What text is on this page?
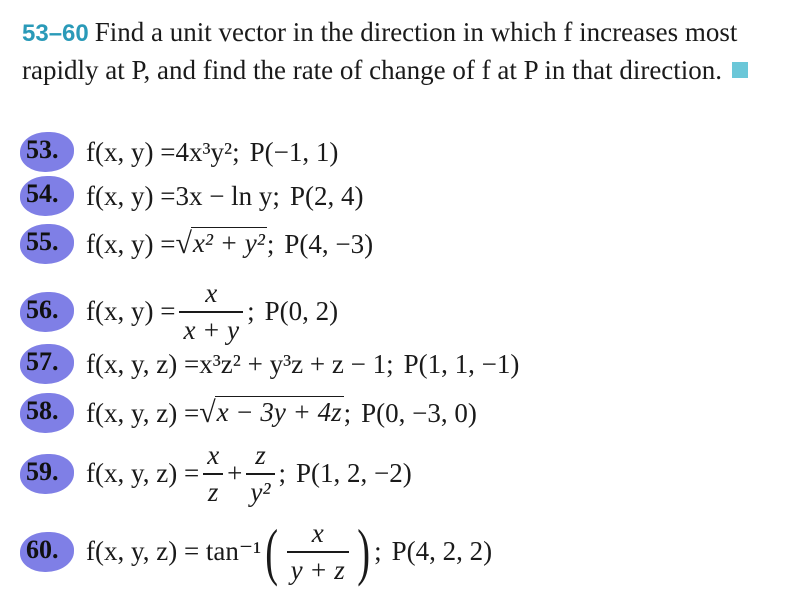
53–60 Find a unit vector in the direction in which f increases most rapidly at P, and find the rate of change of f at P in that direction.
53. f(x, y) = 4x³y²; P(−1, 1)
54. f(x, y) = 3x − ln y; P(2, 4)
55. f(x, y) = √ x² + y² ; P(4, −3)
56. f(x, $y) = \frac{x}{x + y}$ ; P(0, 2)
57. f(x, y, z) = x³z² + y³z + z − 1; P(1, 1, −1)
58. f(x, y, z) = √ x − 3y + 4z ; P(0, −3, 0)
59. f(x, y, $z) = \frac{x}{z} + \frac{z}{\text{y²}}$ ; P(1, 2, −2)
60. f(x, y, z) = tan⁻¹ ( $\frac{x}{y + z}$ ) ; P(4, 2, 2)
